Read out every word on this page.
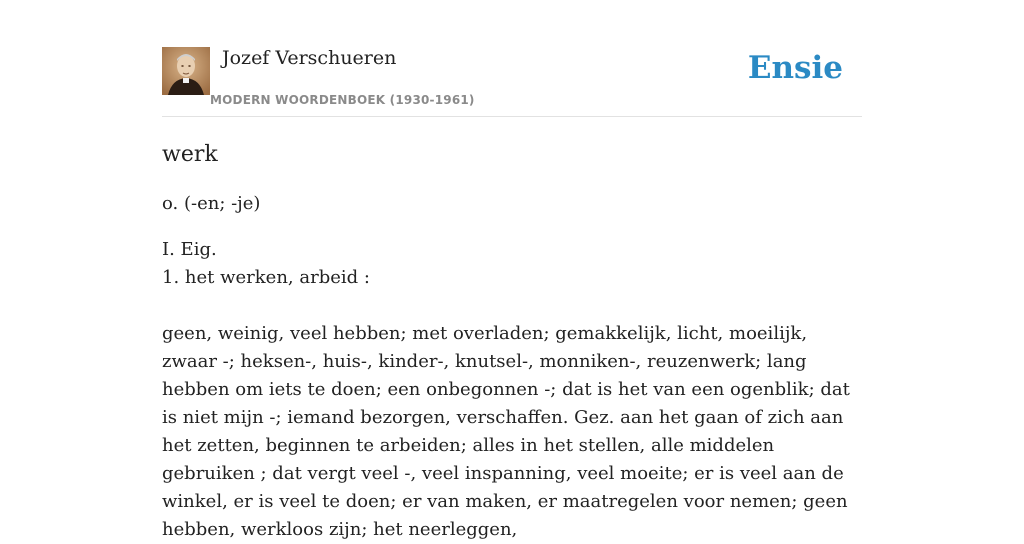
Jozef Verschueren
MODERN WOORDENBOEK (1930-1961)
Ensie
werk
o. (-en; -je)
I. Eig.
1. het werken, arbeid :

geen, weinig, veel hebben; met overladen; gemakkelijk, licht, moeilijk, zwaar -; heksen-, huis-, kinder-, knutsel-, monniken-, reuzenwerk; lang hebben om iets te doen; een onbegonnen -; dat is het van een ogenblik; dat is niet mijn -; iemand bezorgen, verschaffen. Gez. aan het gaan of zich aan het zetten, beginnen te arbeiden; alles in het stellen, alle middelen gebruiken ; dat vergt veel -, veel inspanning, veel moeite; er is veel aan de winkel, er is veel te doen; er van maken, er maatregelen voor nemen; geen hebben, werkloos zijn; het neerleggen,
